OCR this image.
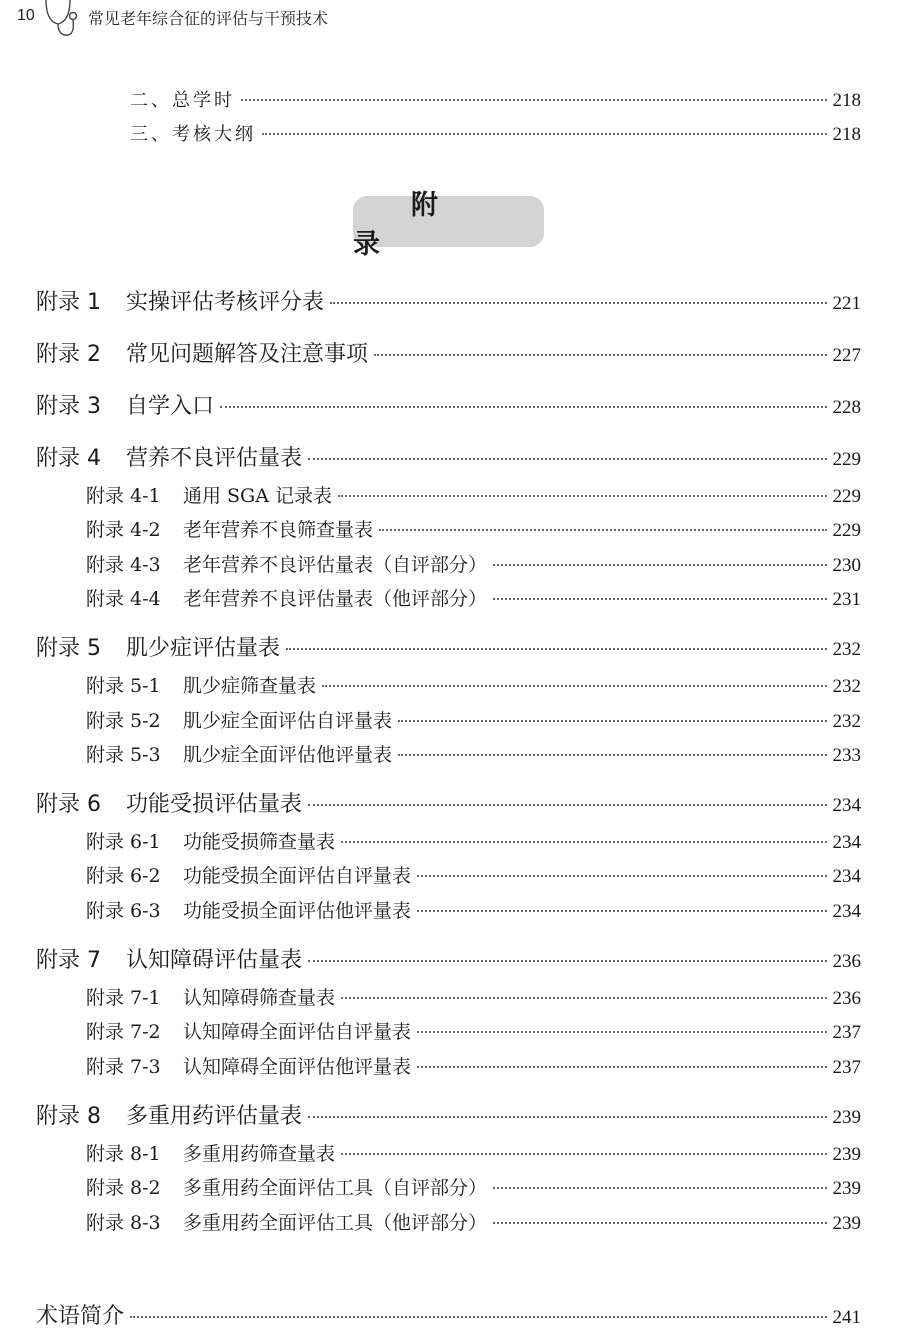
10	常见老年综合征的评估与干预技术
二、总学时	218
三、考核大纲	218
附录 1 实操评估考核评分表	221
附录 2 常见问题解答及注意事项	227
附录 3 自学入口	228
附录 4 营养不良评估量表	229
附录 4-1 通用 SGA 记录表	229
附录 4-2 老年营养不良筛查量表	229
附录 4-3 老年营养不良评估量表（自评部分）	230
附录 4-4 老年营养不良评估量表（他评部分）	231
附录 5 肌少症评估量表	232
附录 5-1 肌少症筛查量表	232
附录 5-2 肌少症全面评估自评量表	232
附录 5-3 肌少症全面评估他评量表	233
附录 6 功能受损评估量表	234
附录 6-1 功能受损筛查量表	234
附录 6-2 功能受损全面评估自评量表	234
附录 6-3 功能受损全面评估他评量表	234
附录 7 认知障碍评估量表	236
附录 7-1 认知障碍筛查量表	236
附录 7-2 认知障碍全面评估自评量表	237
附录 7-3 认知障碍全面评估他评量表	237
附录 8 多重用药评估量表	239
附录 8-1 多重用药筛查量表	239
附录 8-2 多重用药全面评估工具（自评部分）	239
附录 8-3 多重用药全面评估工具（他评部分）	239
术语简介	241
附录
